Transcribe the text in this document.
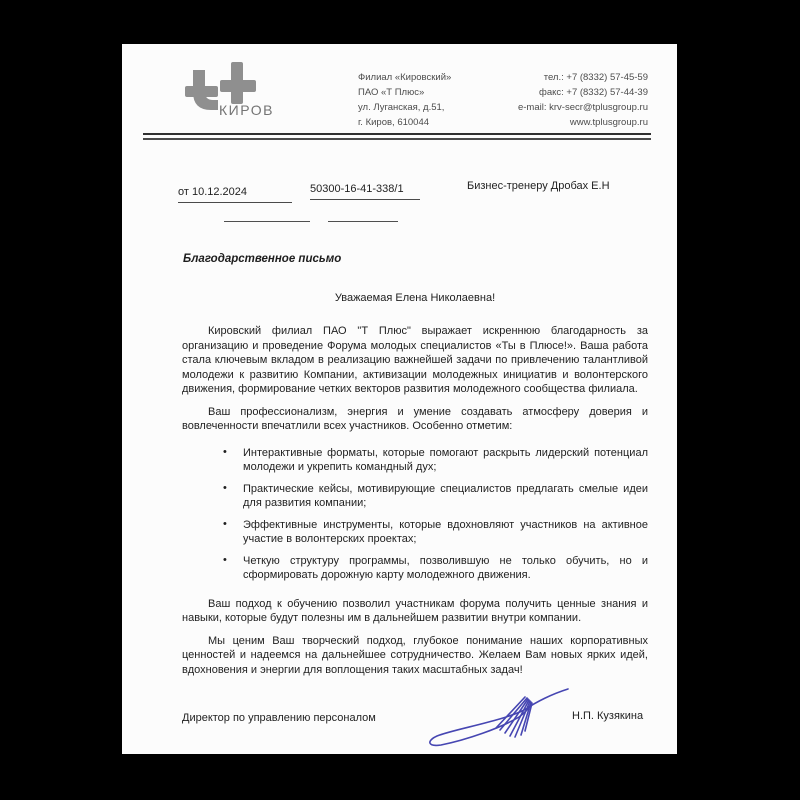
КИРОВ
Филиал «Кировский»
ПАО «Т Плюс»
ул. Луганская, д.51,
г. Киров, 610044
тел.: +7 (8332) 57-45-59
факс: +7 (8332) 57-44-39
e-mail: krv-secr@tplusgroup.ru
www.tplusgroup.ru
от 10.12.2024	50300-16-41-338/1	Бизнес-тренеру Дробах Е.Н
Благодарственное письмо
Уважаемая Елена Николаевна!

Кировский филиал ПАО "Т Плюс" выражает искреннюю благодарность за организацию и проведение Форума молодых специалистов «Ты в Плюсе!». Ваша работа стала ключевым вкладом в реализацию важнейшей задачи по привлечению талантливой молодежи к развитию Компании, активизации молодежных инициатив и волонтерского движения, формирование четких векторов развития молодежного сообщества филиала.

Ваш профессионализм, энергия и умение создавать атмосферу доверия и вовлеченности впечатлили всех участников. Особенно отметим:

• Интерактивные форматы, которые помогают раскрыть лидерский потенциал молодежи и укрепить командный дух;
• Практические кейсы, мотивирующие специалистов предлагать смелые идеи для развития компании;
• Эффективные инструменты, которые вдохновляют участников на активное участие в волонтерских проектах;
• Четкую структуру программы, позволившую не только обучить, но и сформировать дорожную карту молодежного движения.

Ваш подход к обучению позволил участникам форума получить ценные знания и навыки, которые будут полезны им в дальнейшем развитии внутри компании.

Мы ценим Ваш творческий подход, глубокое понимание наших корпоративных ценностей и надеемся на дальнейшее сотрудничество. Желаем Вам новых ярких идей, вдохновения и энергии для воплощения таких масштабных задач!

Директор по управлению персоналом	Н.П. Кузякина
